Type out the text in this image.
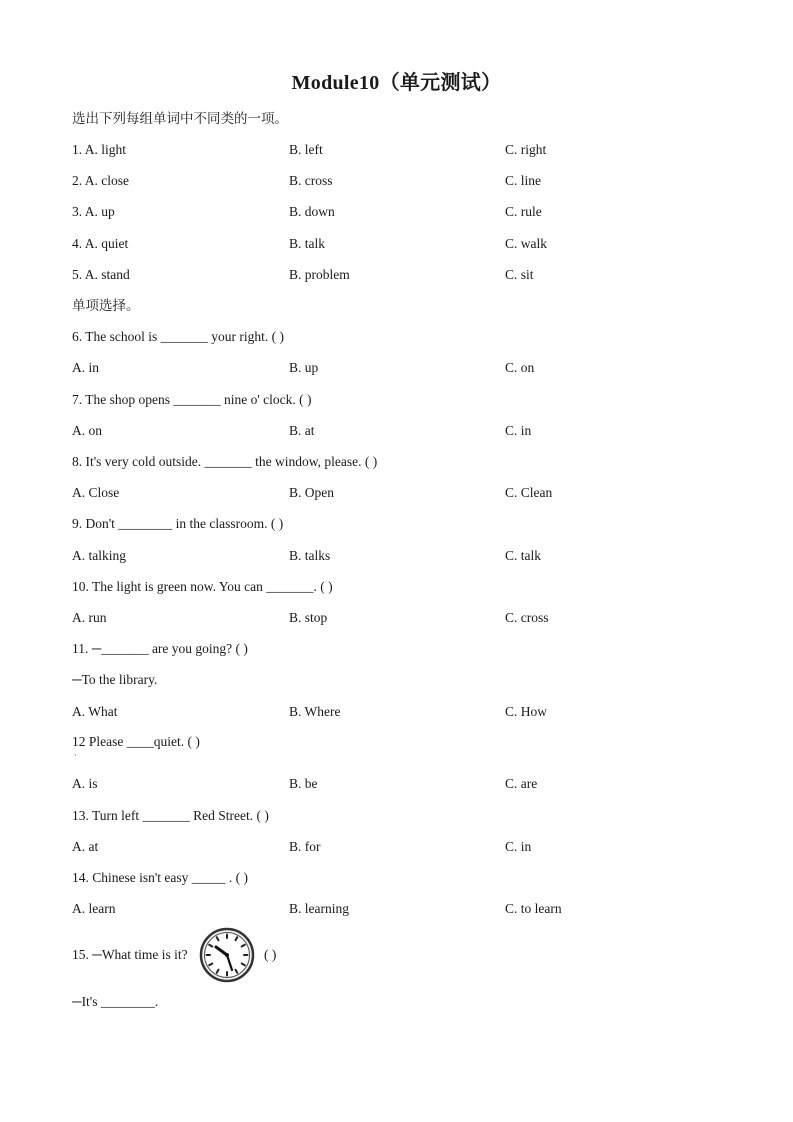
Module10（单元测试）
选出下列每组单词中不同类的一项。
1. A. light	B. left	C. right
2. A. close	B. cross	C. line
3. A. up	B. down	C. rule
4. A. quiet	B. talk	C. walk
5. A. stand	B. problem	C. sit
单项选择。
6. The school is _______ your right. ( )
A. in	B. up	C. on
7. The shop opens _______ nine o' clock. ( )
A. on	B. at	C. in
8. It's very cold outside. _______ the window, please. ( )
A. Close	B. Open	C. Clean
9. Don't ________ in the classroom. ( )
A. talking	B. talks	C. talk
10. The light is green now. You can _______. ( )
A. run	B. stop	C. cross
11. ─_______ are you going? ( )
─To the library.
A. What	B. Where	C. How
12 Please ____quiet. ( )
·
A. is	B. be	C. are
13. Turn left _______ Red Street. ( )
A. at	B. for	C. in
14. Chinese isn't easy _____ . ( )
A. learn	B. learning	C. to learn
15. ─What time is it?	( )
─It's ________.
